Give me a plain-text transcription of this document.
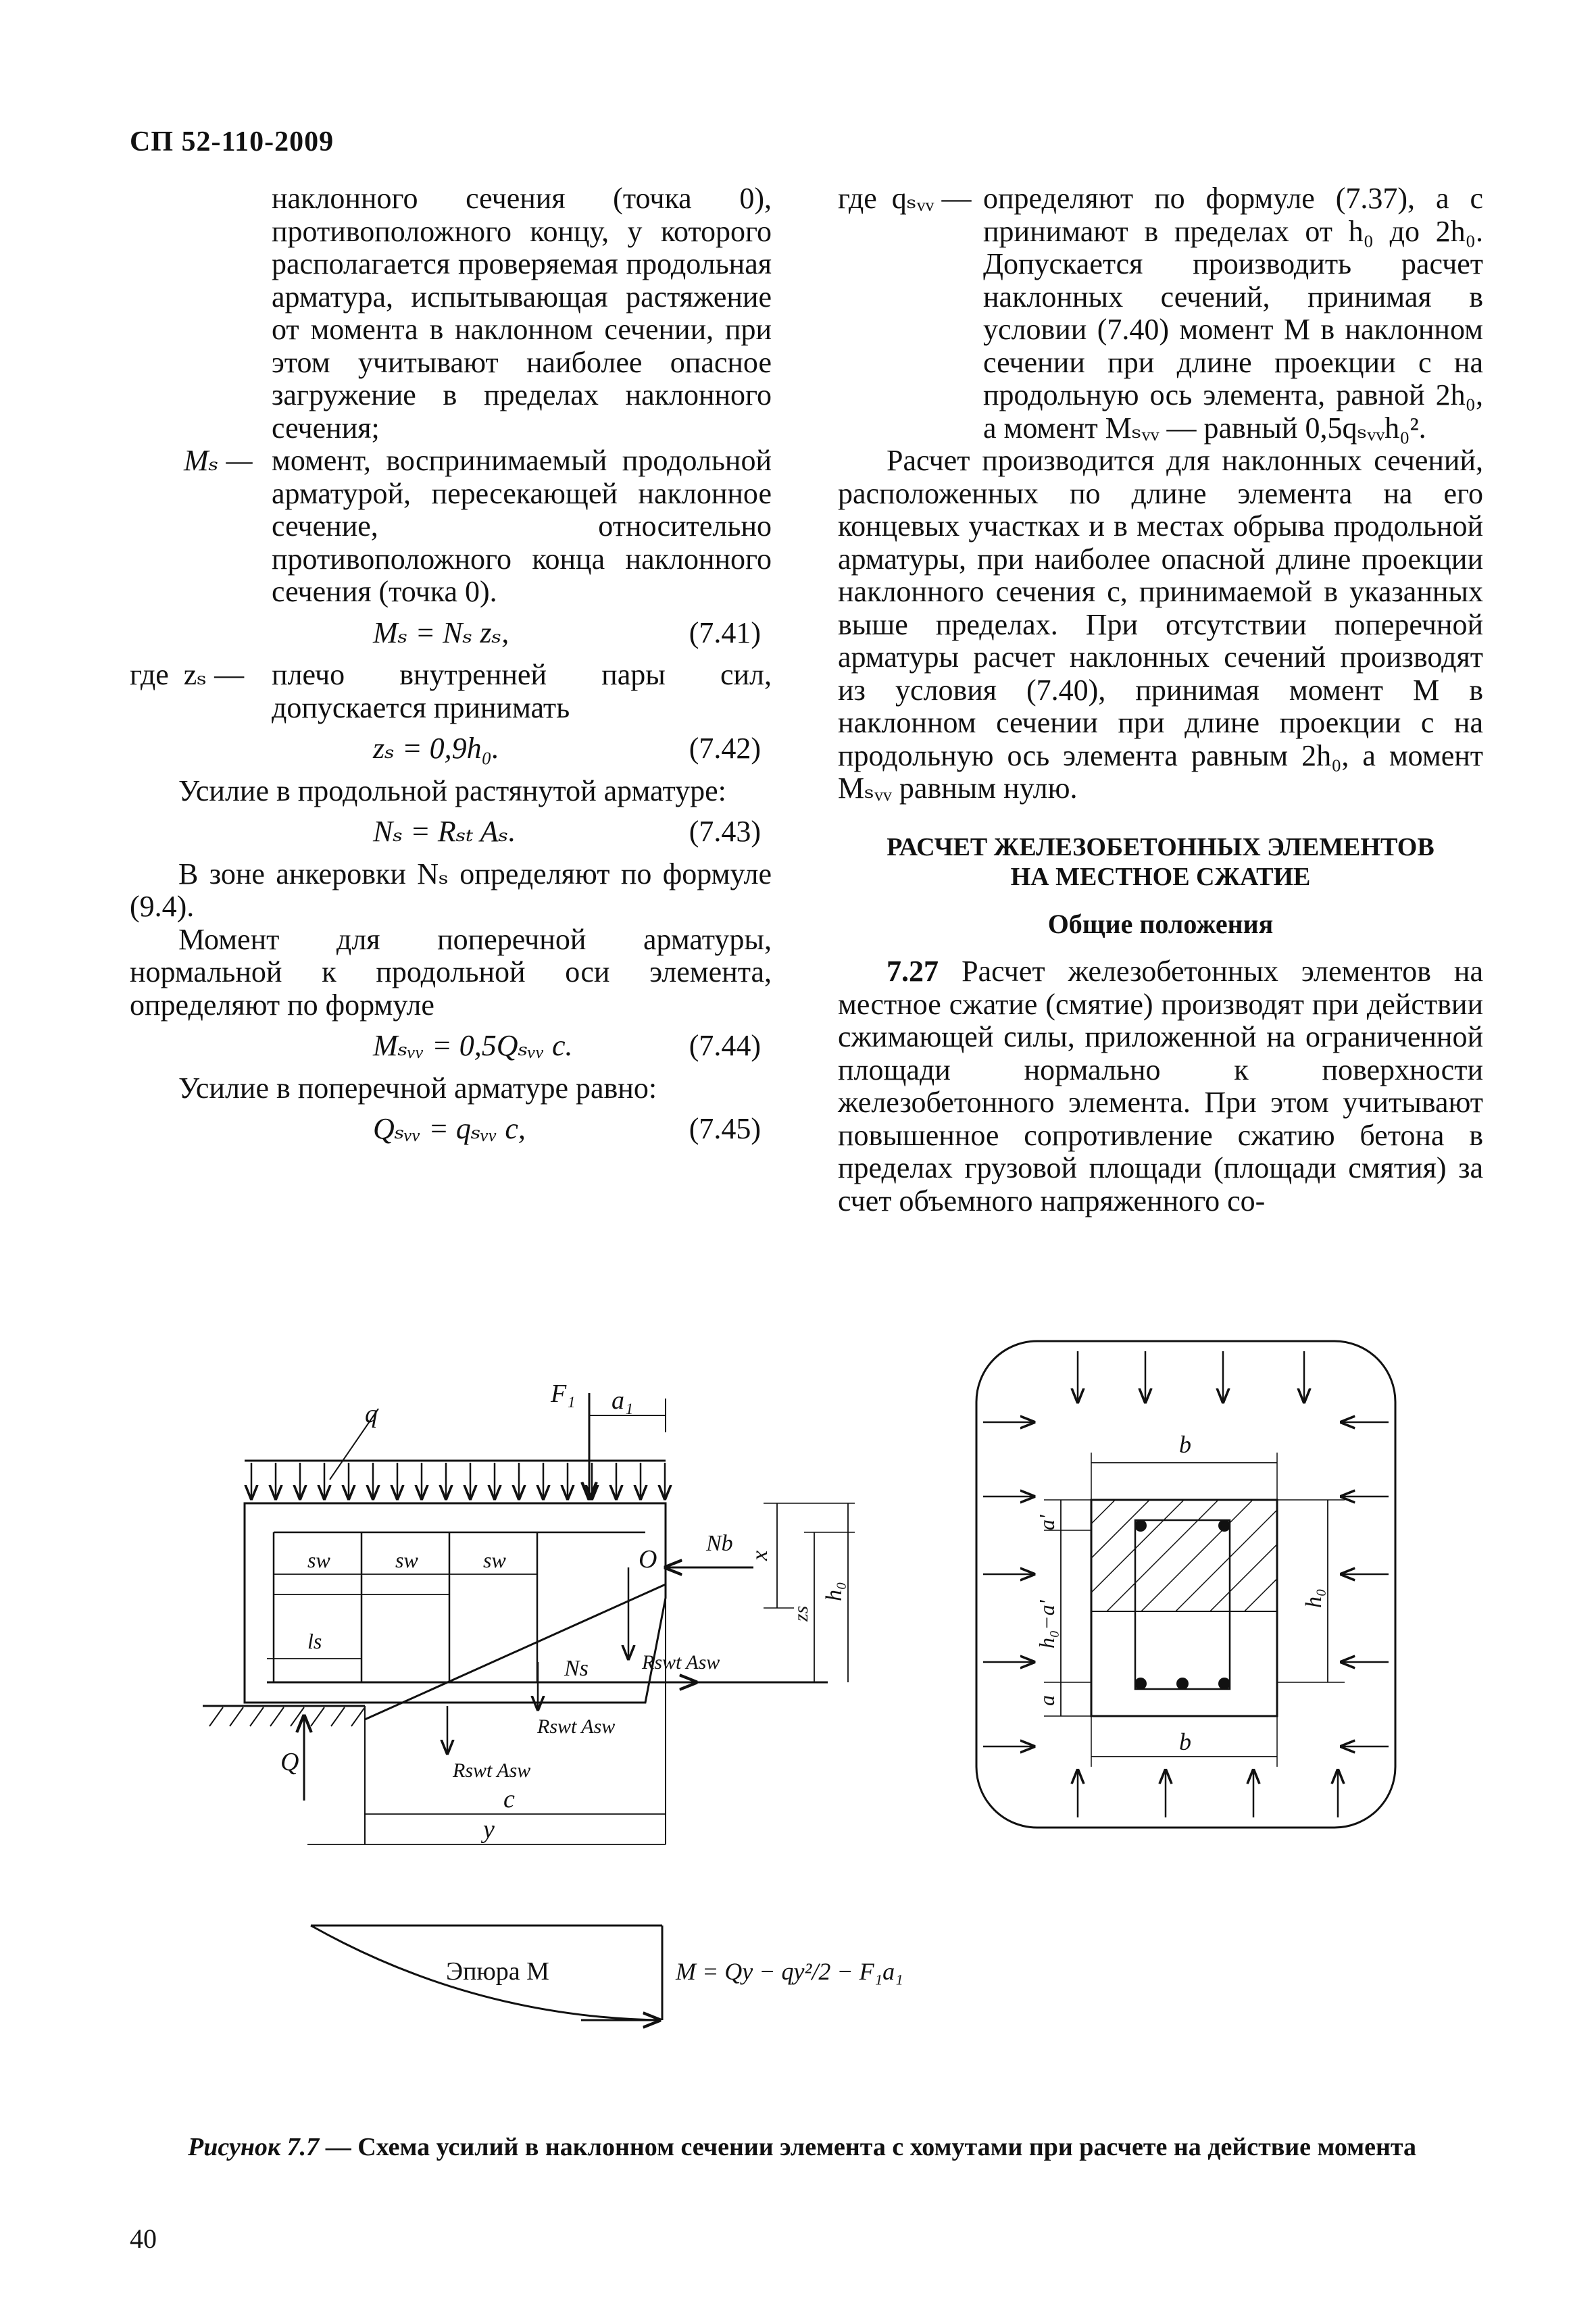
СП 52-110-2009
наклонного сечения (точка 0), противоположного концу, у которого располагается проверяемая продольная арматура, испытывающая растяжение от момента в наклонном сечении, при этом учитывают наиболее опасное загружение в пределах наклонного сечения;
Mₛ — момент, воспринимаемый продольной арматурой, пересекающей наклонное сечение, относительно противоположного конца наклонного сечения (точка 0).
Mₛ = Nₛ zₛ,	(7.41)
где  zₛ — плечо внутренней пары сил, допускается принимать
zₛ = 0,9h₀.	(7.42)

Усилие в продольной растянутой арматуре:

Nₛ = Rₛₜ Aₛ.	(7.43)

В зоне анкеровки Nₛ определяют по формуле (9.4).

Момент для поперечной арматуры, нормальной к продольной оси элемента, определяют по формуле

Mₛᵥᵥ = 0,5Qₛᵥᵥ c.	(7.44)

Усилие в поперечной арматуре равно:

Qₛᵥᵥ = qₛᵥᵥ c,	(7.45)
где  qₛᵥᵥ — определяют по формуле (7.37), а c принимают в пределах от h₀ до 2h₀. Допускается производить расчет наклонных сечений, принимая в условии (7.40) момент M в наклонном сечении при длине проекции c на продольную ось элемента, равной 2h₀, а момент Mₛᵥᵥ — равный 0,5qₛᵥᵥh₀².

Расчет производится для наклонных сечений, расположенных по длине элемента на его концевых участках и в местах обрыва продольной арматуры, при наиболее опасной длине проекции наклонного сечения c, принимаемой в указанных выше пределах. При отсутствии поперечной арматуры расчет наклонных сечений производят из условия (7.40), принимая момент M в наклонном сечении при длине проекции c на продольную ось элемента равным 2h₀, а момент Mₛᵥᵥ равным нулю.

РАСЧЕТ ЖЕЛЕЗОБЕТОННЫХ ЭЛЕМЕНТОВ
НА МЕСТНОЕ СЖАТИЕ

Общие положения

7.27 Расчет железобетонных элементов на местное сжатие (смятие) производят при действии сжимающей силы, приложенной на ограниченной площади нормально к поверхности железобетонного элемента. При этом учитывают повышенное сопротивление сжатию бетона в пределах грузовой площади (площади смятия) за счет объемного напряженного со-

q
F₁ a₁
sw	sw	sw	O
Nb x
zs
h₀
ls
Ns	Rswt Asw
Rswt Asw
Rswt Asw
Q
c
y
Эпюра M	M = Qy − qy²/2 − F₁a₁
b
b
a'
h₀−a'
a
h₀
Рисунок 7.7 — Схема усилий в наклонном сечении элемента с хомутами при расчете на действие момента
40
